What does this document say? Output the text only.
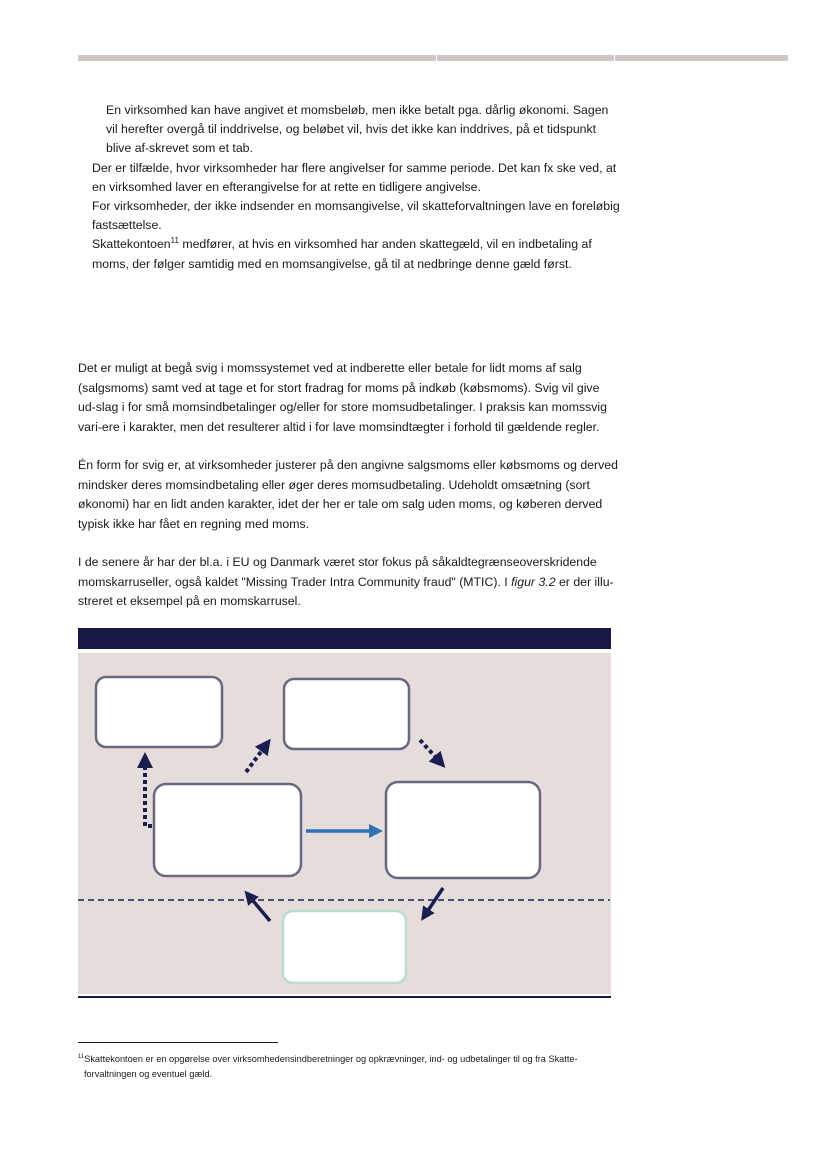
En virksomhed kan have angivet et momsbeløb, men ikke betalt pga. dårlig økonomi. Sagen vil herefter overgå til inddrivelse, og beløbet vil, hvis det ikke kan inddrives, på et tidspunkt blive af-skrevet som et tab.

Der er tilfælde, hvor virksomheder har flere angivelser for samme periode. Det kan fx ske ved, at en virksomhed laver en efterangivelse for at rette en tidligere angivelse.

For virksomheder, der ikke indsender en momsangivelse, vil skatteforvaltningen lave en foreløbig fastsættelse.

Skattekontoen$^{11}$ medfører, at hvis en virksomhed har anden skattegæld, vil en indbetaling af moms, der følger samtidig med en momsangivelse, gå til at nedbringe denne gæld først.

Det er muligt at begå svig i momssystemet ved at indberette eller betale for lidt moms af salg (salgsmoms) samt ved at tage et for stort fradrag for moms på indkøb (købsmoms). Svig vil give ud-slag i for små momsindbetalinger og/eller for store momsudbetalinger. I praksis kan momssvig vari-ere i karakter, men det resulterer altid i for lave momsindtægter i forhold til gældende regler.

Én form for svig er, at virksomheder justerer på den angivne salgsmoms eller købsmoms og derved mindsker deres momsindbetaling eller øger deres momsudbetaling. Udeholdt omsætning (sort økonomi) har en lidt anden karakter, idet der her er tale om salg uden moms, og køberen derved typisk ikke har fået en regning med moms.

I de senere år har der bl.a. i EU og Danmark været stor fokus på såkaldtegrænseoverskridende momskarruseller, også kaldet "Missing Trader Intra Community fraud" (MTIC). I figur 3.2 er der illu-streret et eksempel på en momskarrusel.

$^{11}$Skattekontoen er en opgørelse over virksomhedensindberetninger og opkrævninger, ind- og udbetalinger til og fra Skatte-

forvaltningen og eventuel gæld.
